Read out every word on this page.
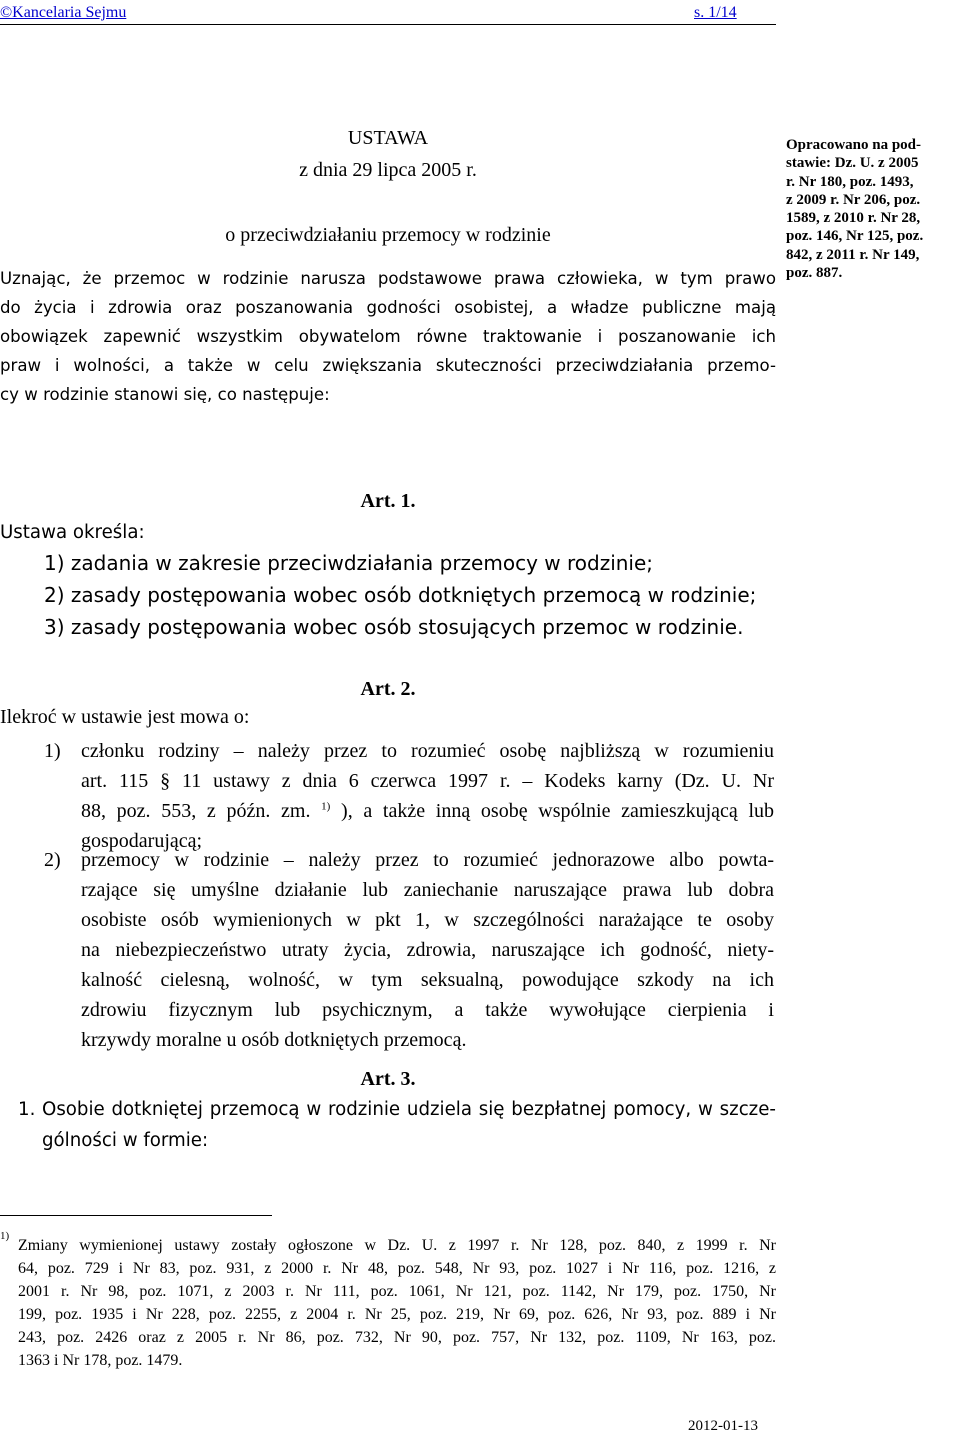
©Kancelaria Sejmu	s. 1/14
USTAWA
z dnia 29 lipca 2005 r.
o przeciwdziałaniu przemocy w rodzinie
Opracowano na pod-
stawie: Dz. U. z 2005
r. Nr 180, poz. 1493,
z 2009 r. Nr 206, poz.
1589, z 2010 r. Nr 28,
poz. 146, Nr 125, poz.
842, z 2011 r. Nr 149,
poz. 887.
Uznając, że przemoc w rodzinie narusza podstawowe prawa człowieka, w tym prawo
do życia i zdrowia oraz poszanowania godności osobistej, a władze publiczne mają
obowiązek zapewnić wszystkim obywatelom równe traktowanie i poszanowanie ich
praw i wolności, a także w celu zwiększania skuteczności przeciwdziałania przemo-
cy w rodzinie stanowi się, co następuje:
Art. 1.
Ustawa określa:
1) zadania w zakresie przeciwdziałania przemocy w rodzinie;
2) zasady postępowania wobec osób dotkniętych przemocą w rodzinie;
3) zasady postępowania wobec osób stosujących przemoc w rodzinie.
Art. 2.
Ilekroć w ustawie jest mowa o:
1)	członku rodziny – należy przez to rozumieć osobę najbliższą w rozumieniu
art. 115 § 11 ustawy z dnia 6 czerwca 1997 r. – Kodeks karny (Dz. U. Nr
88, poz. 553, z późn. zm. $^{1)}$ ), a także inną osobę wspólnie zamieszkującą lub
gospodarującą;
2)	przemocy w rodzinie – należy przez to rozumieć jednorazowe albo powta-
rzające się umyślne działanie lub zaniechanie naruszające prawa lub dobra
osobiste osób wymienionych w pkt 1, w szczególności narażające te osoby
na niebezpieczeństwo utraty życia, zdrowia, naruszające ich godność, niety-
kalność cielesną, wolność, w tym seksualną, powodujące szkody na ich
zdrowiu fizycznym lub psychicznym, a także wywołujące cierpienia i
krzywdy moralne u osób dotkniętych przemocą.
Art. 3.
1. Osobie dotkniętej przemocą w rodzinie udziela się bezpłatnej pomocy, w szcze-
gólności w formie:
1)
Zmiany wymienionej ustawy zostały ogłoszone w Dz. U. z 1997 r. Nr 128, poz. 840, z 1999 r. Nr
64, poz. 729 i Nr 83, poz. 931, z 2000 r. Nr 48, poz. 548, Nr 93, poz. 1027 i Nr 116, poz. 1216, z
2001 r. Nr 98, poz. 1071, z 2003 r. Nr 111, poz. 1061, Nr 121, poz. 1142, Nr 179, poz. 1750, Nr
199, poz. 1935 i Nr 228, poz. 2255, z 2004 r. Nr 25, poz. 219, Nr 69, poz. 626, Nr 93, poz. 889 i Nr
243, poz. 2426 oraz z 2005 r. Nr 86, poz. 732, Nr 90, poz. 757, Nr 132, poz. 1109, Nr 163, poz.
1363 i Nr 178, poz. 1479.
2012-01-13
